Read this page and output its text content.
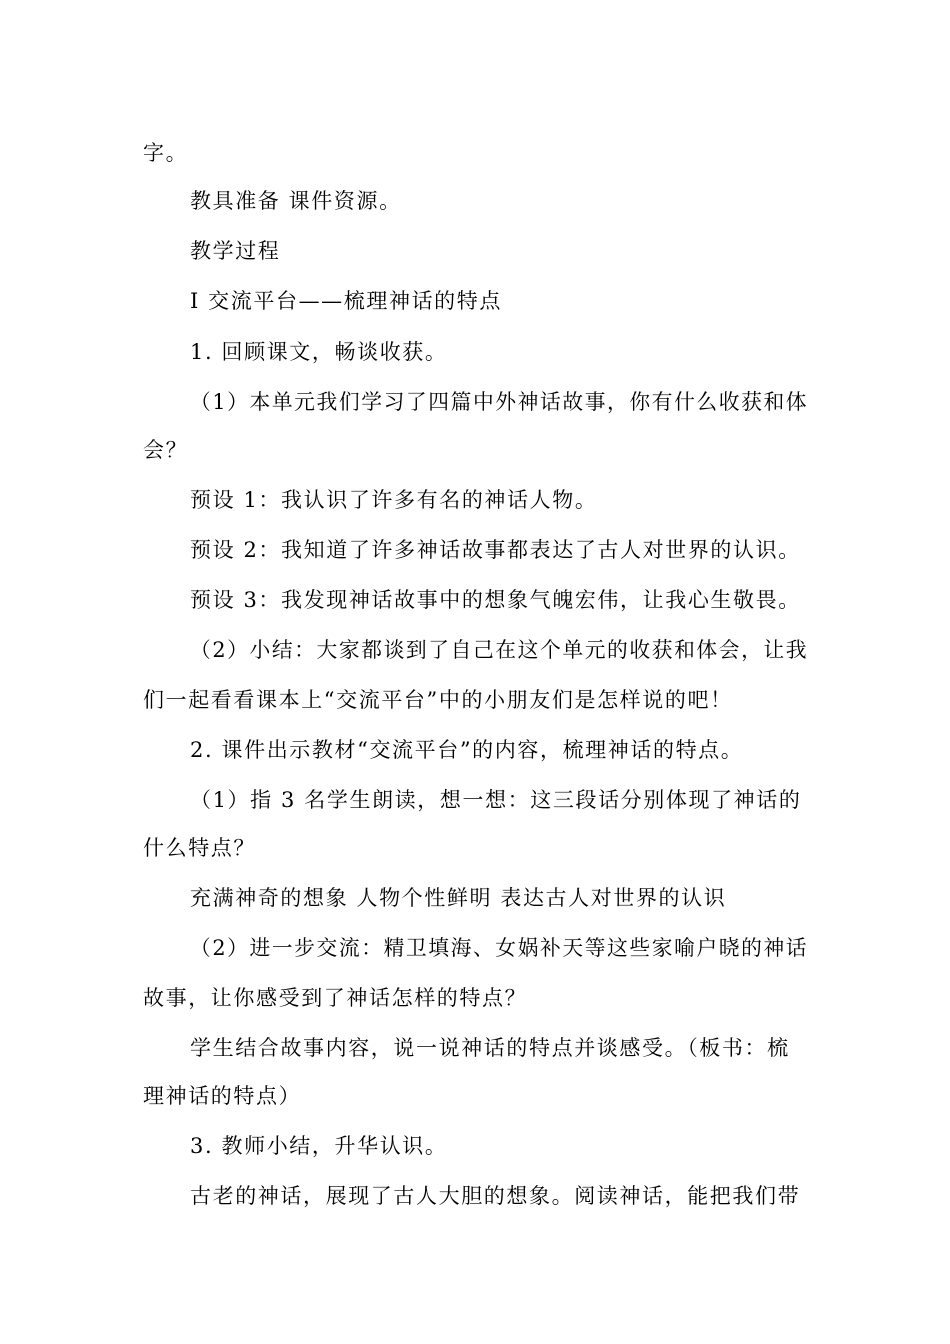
字。
教具准备 课件资源。
教学过程
Ⅰ 交流平台——梳理神话的特点
1. 回顾课文，畅谈收获。
（1）本单元我们学习了四篇中外神话故事，你有什么收获和体
会？
预设 1：我认识了许多有名的神话人物。
预设 2：我知道了许多神话故事都表达了古人对世界的认识。
预设 3：我发现神话故事中的想象气魄宏伟，让我心生敬畏。
（2）小结：大家都谈到了自己在这个单元的收获和体会，让我
们一起看看课本上“交流平台”中的小朋友们是怎样说的吧！
2. 课件出示教材“交流平台”的内容，梳理神话的特点。
（1）指 3 名学生朗读，想一想：这三段话分别体现了神话的
什么特点？
充满神奇的想象 人物个性鲜明 表达古人对世界的认识
（2）进一步交流：精卫填海、女娲补天等这些家喻户晓的神话
故事，让你感受到了神话怎样的特点？
学生结合故事内容，说一说神话的特点并谈感受。（板书：梳
理神话的特点）
3. 教师小结，升华认识。
古老的神话，展现了古人大胆的想象。阅读神话，能把我们带
